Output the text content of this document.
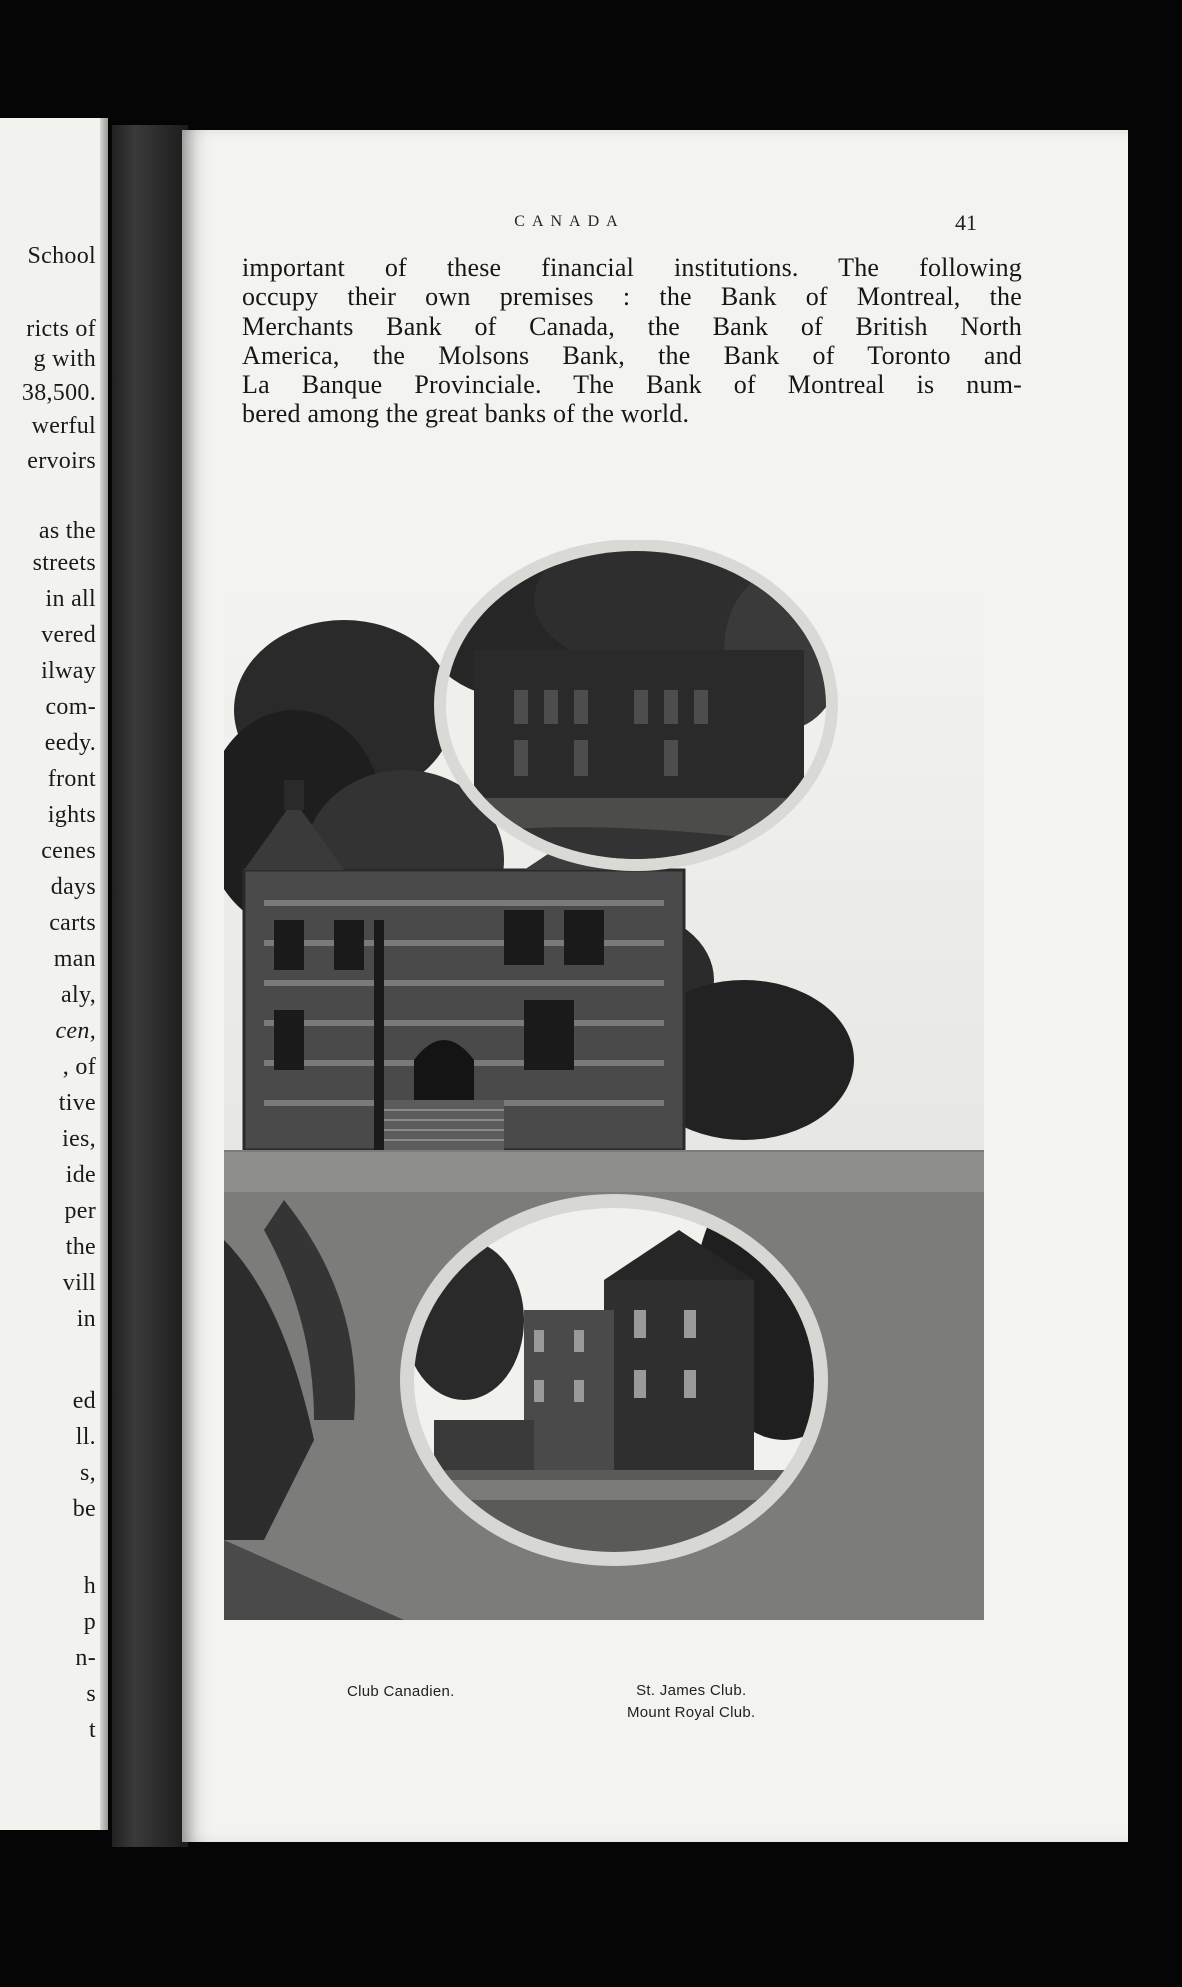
School
ricts of
g with
38,500.
werful
ervoirs
as the
streets
in all
vered
ilway
com-
eedy.
front
ights
cenes
days
carts
man
aly,
cen,
, of
tive
ies,
ide
per
the
vill
in
ed
ll.
s,
be
h
p
n-
s
t
CANADA	41
important of these financial institutions. The following
occupy their own premises : the Bank of Montreal, the
Merchants Bank of Canada, the Bank of British North
America, the Molsons Bank, the Bank of Toronto and
La Banque Provinciale. The Bank of Montreal is num-
bered among the great banks of the world.
Club Canadien.	St. James Club.
Mount Royal Club.
